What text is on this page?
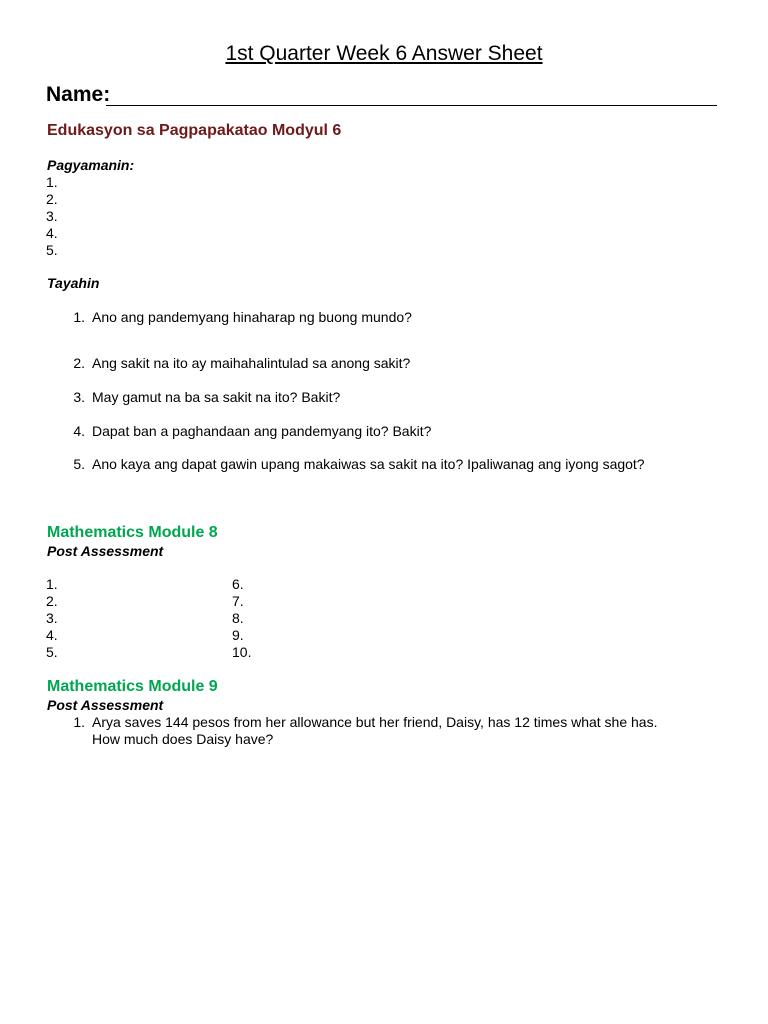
1st Quarter Week 6 Answer Sheet
Name:
Edukasyon sa Pagpapakatao Modyul 6
Pagyamanin:
1.
2.
3.
4.
5.
Tayahin
1. Ano ang pandemyang hinaharap ng buong mundo?
2. Ang sakit na ito ay maihahalintulad sa anong sakit?
3. May gamut na ba sa sakit na ito? Bakit?
4. Dapat ban a paghandaan ang pandemyang ito? Bakit?
5. Ano kaya ang dapat gawin upang makaiwas sa sakit na ito? Ipaliwanag ang iyong sagot?
Mathematics Module 8
Post Assessment
1.
2.
3.
4.
5.
6.
7.
8.
9.
10.
Mathematics Module 9
Post Assessment
1. Arya saves 144 pesos from her allowance but her friend, Daisy, has 12 times what she has.
How much does Daisy have?
